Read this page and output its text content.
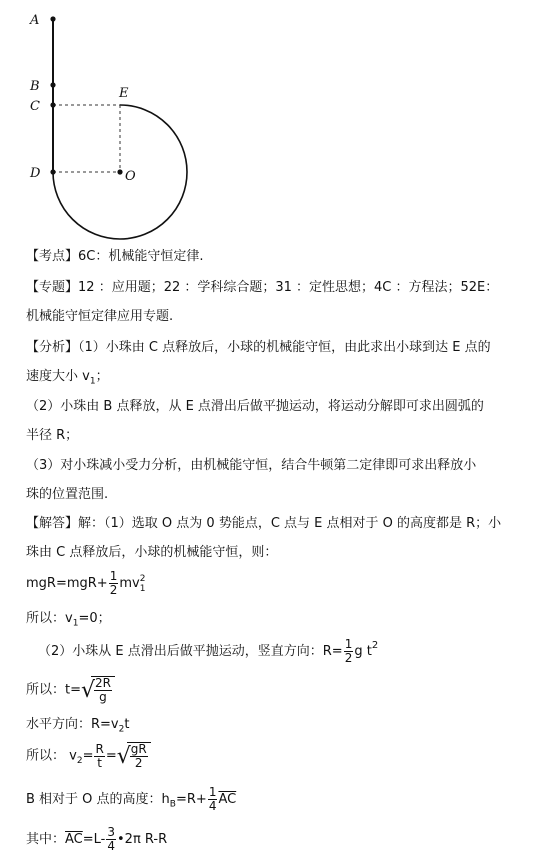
A
B
C
D
E
O
【考点】6C：机械能守恒定律.
【专题】12 ：应用题；22 ：学科综合题；31 ：定性思想；4C ：方程法；52E：
机械能守恒定律应用专题.
【分析】（1）小珠由 C 点释放后，小球的机械能守恒，由此求出小球到达 E 点的
速度大小 $v_1$；
（2）小珠由 B 点释放，从 E 点滑出后做平抛运动，将运动分解即可求出圆弧的
半径 R；
（3）对小珠减小受力分析，由机械能守恒，结合牛顿第二定律即可求出释放小
珠的位置范围.
【解答】解：（1）选取 O 点为 0 势能点，C 点与 E 点相对于 O 的高度都是 R；小
珠由 C 点释放后，小球的机械能守恒，则：
$mgR=mgR+ \frac{1}{2}$ mv 2
1
所以：$v_1=0$；
（2）小珠从 E 点滑出后做平抛运动，竖直方向：$R= \frac{1}{2}$ g $t^2$
所以：t= √
$\frac{2R}{g}$
水平方向：$R=v_2t$
所以： $v_2= \frac{R}{t}$ = √
$\frac{gR}{2}$
B 相对于 O 点的高度：$h_B=R+ \frac{1}{4} \overline{AC}$
其中：$\overline{AC}=L- \frac{3}{4}$ •2π R-R
